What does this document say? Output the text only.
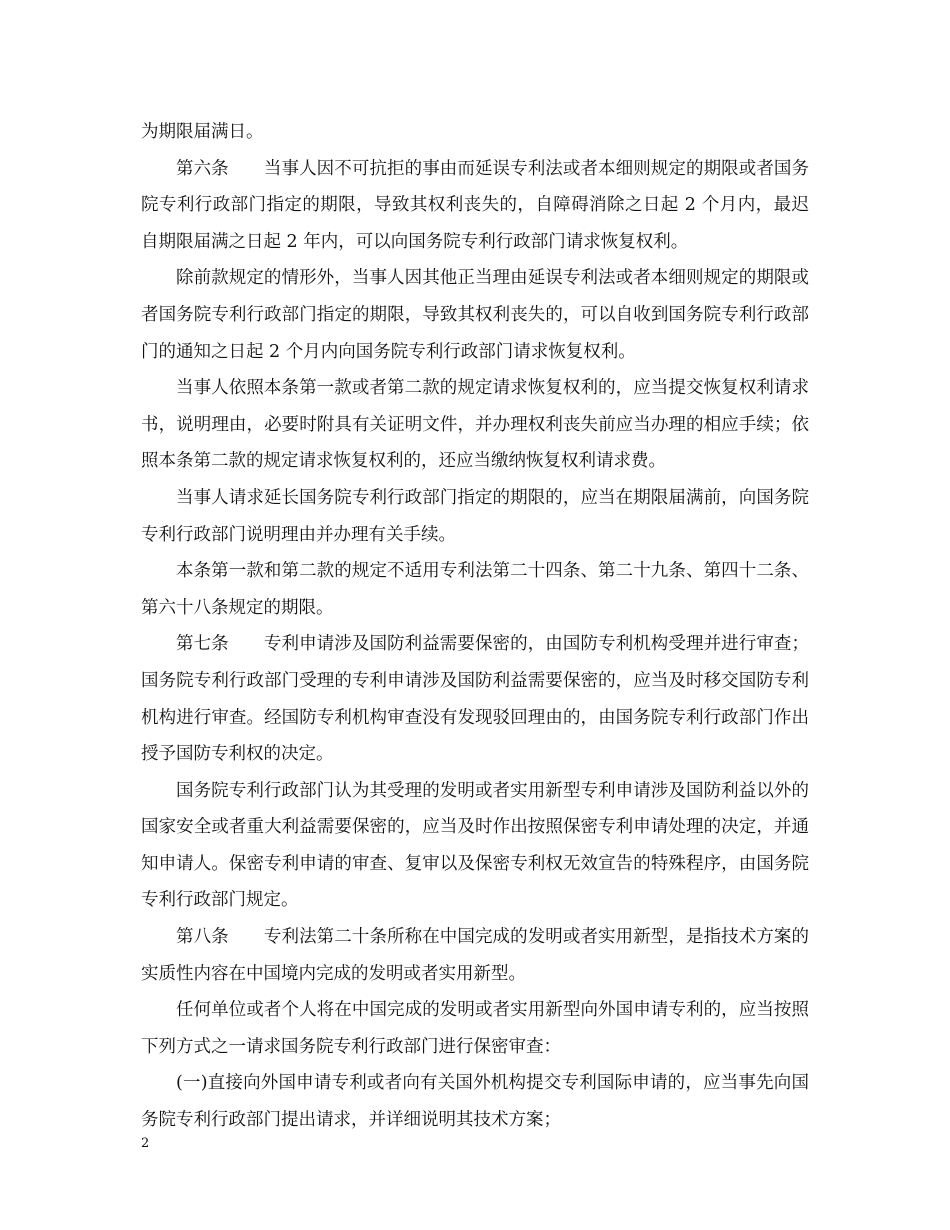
为期限届满日。

第六条　　当事人因不可抗拒的事由而延误专利法或者本细则规定的期限或者国务院专利行政部门指定的期限，导致其权利丧失的，自障碍消除之日起 2 个月内，最迟自期限届满之日起 2 年内，可以向国务院专利行政部门请求恢复权利。

除前款规定的情形外，当事人因其他正当理由延误专利法或者本细则规定的期限或者国务院专利行政部门指定的期限，导致其权利丧失的，可以自收到国务院专利行政部门的通知之日起 2 个月内向国务院专利行政部门请求恢复权利。

当事人依照本条第一款或者第二款的规定请求恢复权利的，应当提交恢复权利请求书，说明理由，必要时附具有关证明文件，并办理权利丧失前应当办理的相应手续；依照本条第二款的规定请求恢复权利的，还应当缴纳恢复权利请求费。

当事人请求延长国务院专利行政部门指定的期限的，应当在期限届满前，向国务院专利行政部门说明理由并办理有关手续。

本条第一款和第二款的规定不适用专利法第二十四条、第二十九条、第四十二条、第六十八条规定的期限。

第七条　　专利申请涉及国防利益需要保密的，由国防专利机构受理并进行审查；国务院专利行政部门受理的专利申请涉及国防利益需要保密的，应当及时移交国防专利机构进行审查。经国防专利机构审查没有发现驳回理由的，由国务院专利行政部门作出授予国防专利权的决定。

国务院专利行政部门认为其受理的发明或者实用新型专利申请涉及国防利益以外的国家安全或者重大利益需要保密的，应当及时作出按照保密专利申请处理的决定，并通知申请人。保密专利申请的审查、复审以及保密专利权无效宣告的特殊程序，由国务院专利行政部门规定。

第八条　　专利法第二十条所称在中国完成的发明或者实用新型，是指技术方案的实质性内容在中国境内完成的发明或者实用新型。

任何单位或者个人将在中国完成的发明或者实用新型向外国申请专利的，应当按照下列方式之一请求国务院专利行政部门进行保密审查：

(一)直接向外国申请专利或者向有关国外机构提交专利国际申请的，应当事先向国务院专利行政部门提出请求，并详细说明其技术方案；

2
